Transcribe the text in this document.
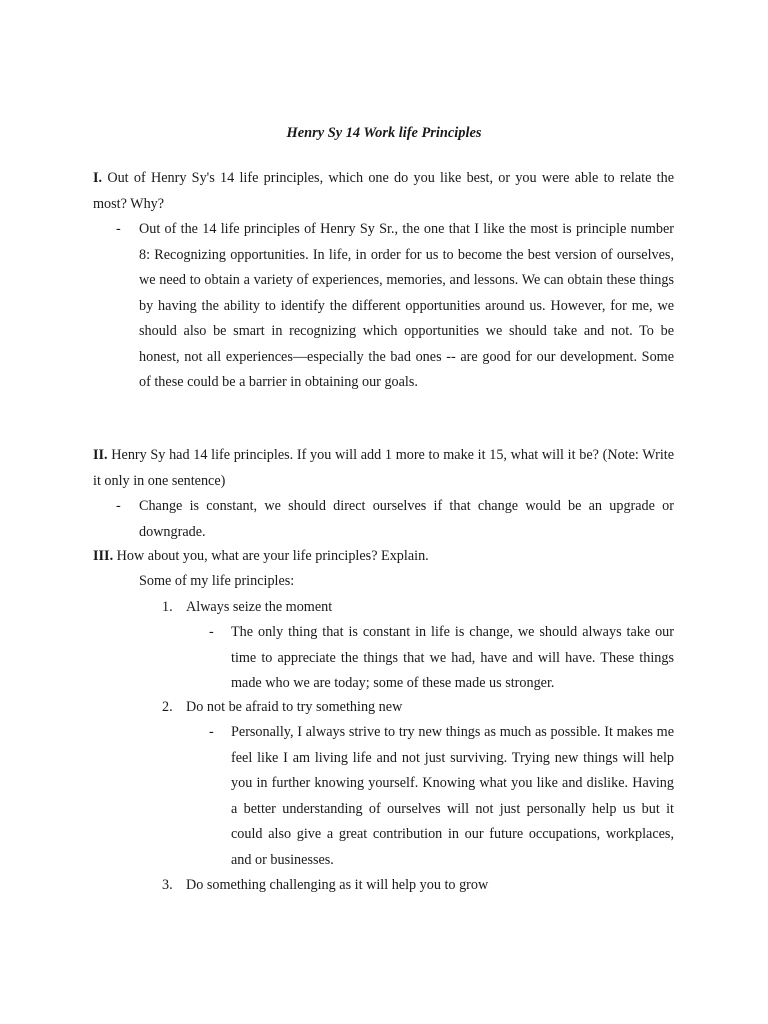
Henry Sy 14 Work life Principles
I. Out of Henry Sy's 14 life principles, which one do you like best, or you were able to relate the most? Why?
-	Out of the 14 life principles of Henry Sy Sr., the one that I like the most is principle number 8: Recognizing opportunities. In life, in order for us to become the best version of ourselves, we need to obtain a variety of experiences, memories, and lessons. We can obtain these things by having the ability to identify the different opportunities around us. However, for me, we should also be smart in recognizing which opportunities we should take and not. To be honest, not all experiences—especially the bad ones -- are good for our development. Some of these could be a barrier in obtaining our goals.
II. Henry Sy had 14 life principles. If you will add 1 more to make it 15, what will it be? (Note: Write it only in one sentence)
-	Change is constant, we should direct ourselves if that change would be an upgrade or downgrade.
III. How about you, what are your life principles? Explain.
Some of my life principles:
1. Always seize the moment
-	The only thing that is constant in life is change, we should always take our time to appreciate the things that we had, have and will have. These things made who we are today; some of these made us stronger.
2. Do not be afraid to try something new
-	Personally, I always strive to try new things as much as possible. It makes me feel like I am living life and not just surviving. Trying new things will help you in further knowing yourself. Knowing what you like and dislike. Having a better understanding of ourselves will not just personally help us but it could also give a great contribution in our future occupations, workplaces, and or businesses.
3. Do something challenging as it will help you to grow
